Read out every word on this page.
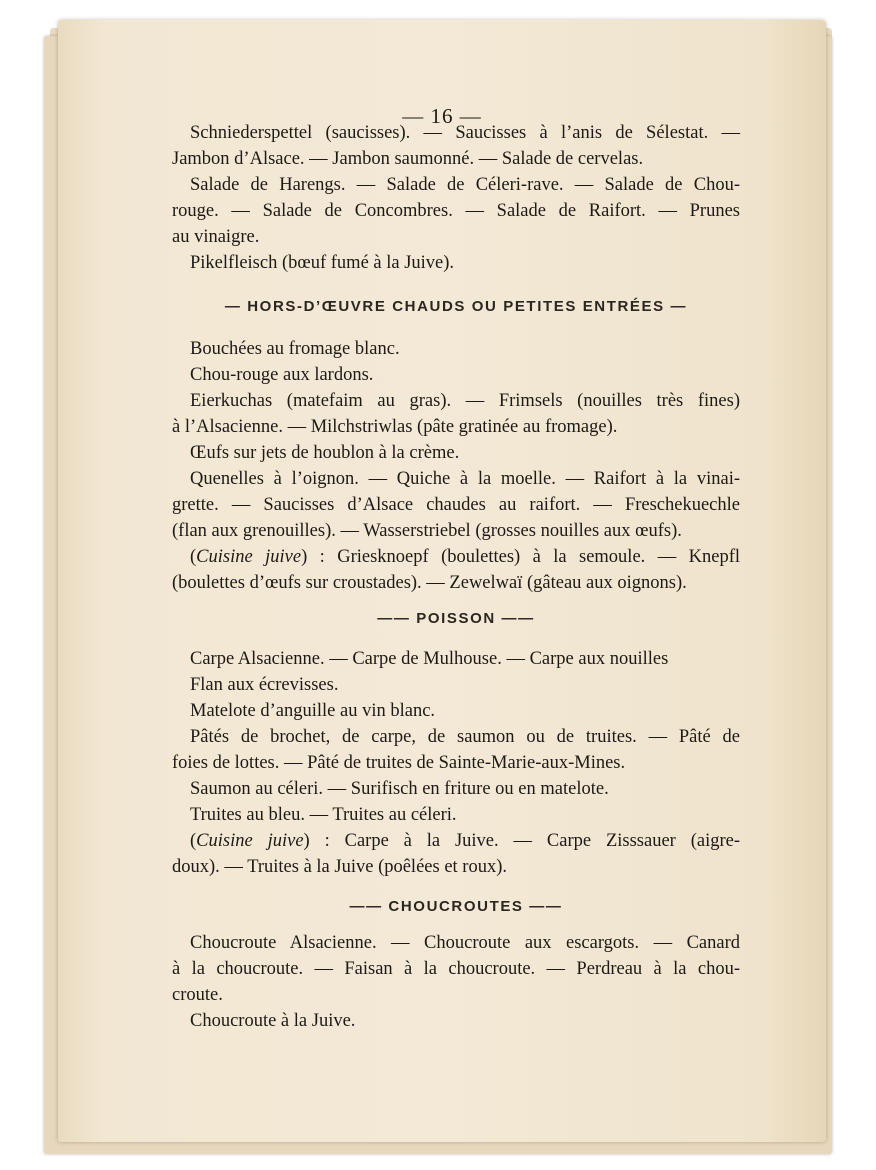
— 16 —
Schniederspettel (saucisses). — Saucisses à l’anis de Sélestat. —
Jambon d’Alsace. — Jambon saumonné. — Salade de cervelas.
Salade de Harengs. — Salade de Céleri-rave. — Salade de Chou-
rouge. — Salade de Concombres. — Salade de Raifort. — Prunes
au vinaigre.
Pikelfleisch (bœuf fumé à la Juive).
— HORS-D’ŒUVRE CHAUDS OU PETITES ENTRÉES —
Bouchées au fromage blanc.
Chou-rouge aux lardons.
Eierkuchas (matefaim au gras). — Frimsels (nouilles très fines)
à l’Alsacienne. — Milchstriwlas (pâte gratinée au fromage).
Œufs sur jets de houblon à la crème.
Quenelles à l’oignon. — Quiche à la moelle. — Raifort à la vinai-
grette. — Saucisses d’Alsace chaudes au raifort. — Freschekuechle
(flan aux grenouilles). — Wasserstriebel (grosses nouilles aux œufs).
(Cuisine juive) : Griesknoepf (boulettes) à la semoule. — Knepfl
(boulettes d’œufs sur croustades). — Zewelwaï (gâteau aux oignons).
—— POISSON ——
Carpe Alsacienne. — Carpe de Mulhouse. — Carpe aux nouilles
Flan aux écrevisses.
Matelote d’anguille au vin blanc.
Pâtés de brochet, de carpe, de saumon ou de truites. — Pâté de
foies de lottes. — Pâté de truites de Sainte-Marie-aux-Mines.
Saumon au céleri. — Surifisch en friture ou en matelote.
Truites au bleu. — Truites au céleri.
(Cuisine juive) : Carpe à la Juive. — Carpe Zisssauer (aigre-
doux). — Truites à la Juive (poêlées et roux).
—— CHOUCROUTES ——
Choucroute Alsacienne. — Choucroute aux escargots. — Canard
à la choucroute. — Faisan à la choucroute. — Perdreau à la chou-
croute.
Choucroute à la Juive.
